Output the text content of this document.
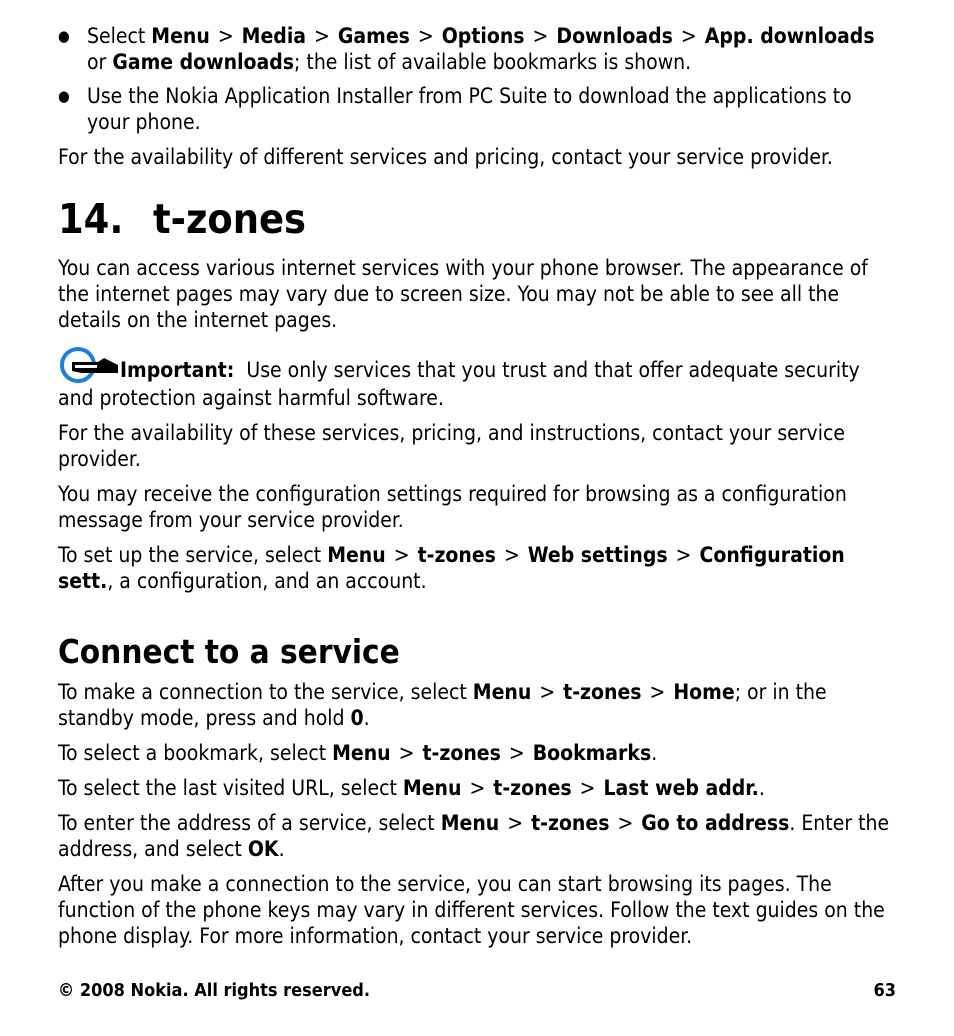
● Select Menu > Media > Games > Options > Downloads > App. downloads or Game downloads; the list of available bookmarks is shown.
● Use the Nokia Application Installer from PC Suite to download the applications to your phone.

For the availability of different services and pricing, contact your service provider.

14. t-zones

You can access various internet services with your phone browser. The appearance of the internet pages may vary due to screen size. You may not be able to see all the details on the internet pages.

Important: Use only services that you trust and that offer adequate security and protection against harmful software.

For the availability of these services, pricing, and instructions, contact your service provider.

You may receive the configuration settings required for browsing as a configuration message from your service provider.

To set up the service, select Menu > t-zones > Web settings > Configuration sett., a configuration, and an account.

Connect to a service

To make a connection to the service, select Menu > t-zones > Home; or in the standby mode, press and hold 0.

To select a bookmark, select Menu > t-zones > Bookmarks.

To select the last visited URL, select Menu > t-zones > Last web addr..

To enter the address of a service, select Menu > t-zones > Go to address. Enter the address, and select OK.

After you make a connection to the service, you can start browsing its pages. The function of the phone keys may vary in different services. Follow the text guides on the phone display. For more information, contact your service provider.

© 2008 Nokia. All rights reserved.	63
